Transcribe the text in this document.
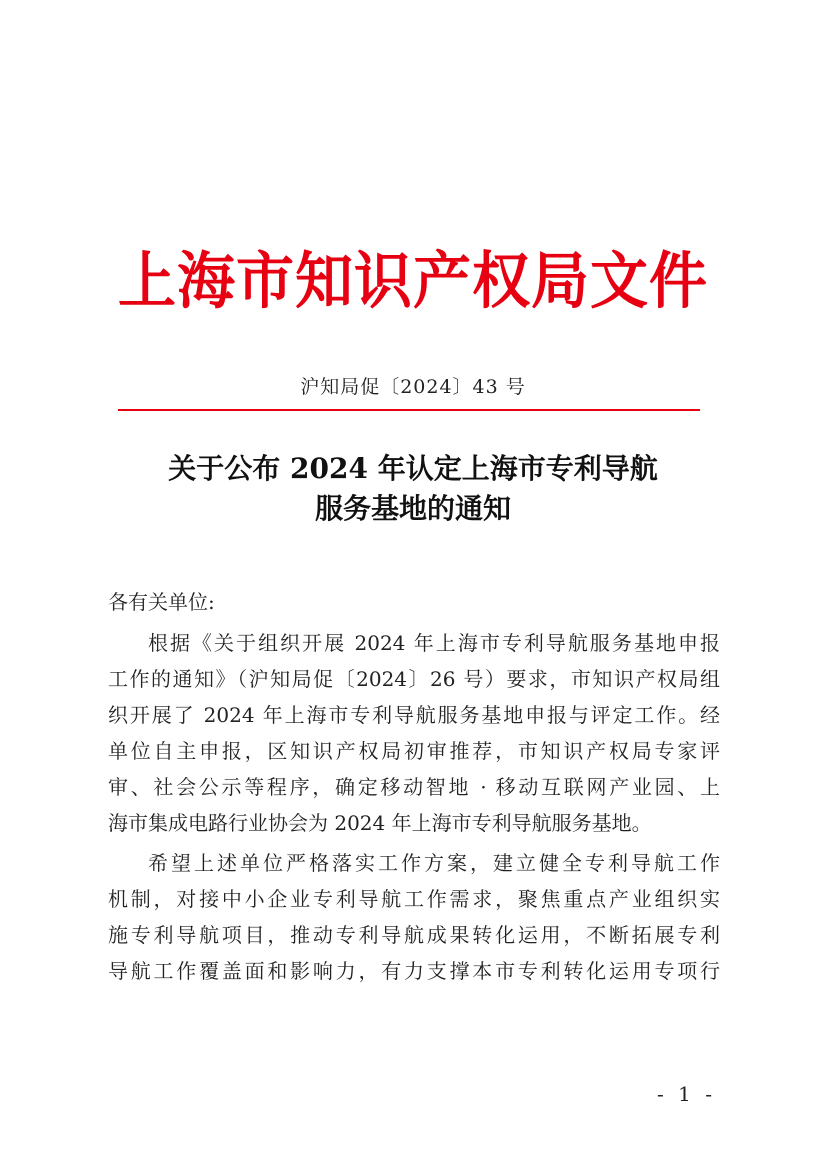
上海市知识产权局文件
沪知局促〔2024〕43 号
关于公布 2024 年认定上海市专利导航
服务基地的通知
各有关单位:
根据《关于组织开展 2024 年上海市专利导航服务基地申报
工作的通知》（沪知局促〔2024〕26 号）要求，市知识产权局组
织开展了 2024 年上海市专利导航服务基地申报与评定工作。经
单位自主申报，区知识产权局初审推荐，市知识产权局专家评
审、社会公示等程序，确定移动智地 · 移动互联网产业园、上
海市集成电路行业协会为 2024 年上海市专利导航服务基地。
希望上述单位严格落实工作方案，建立健全专利导航工作
机制，对接中小企业专利导航工作需求，聚焦重点产业组织实
施专利导航项目，推动专利导航成果转化运用，不断拓展专利
导航工作覆盖面和影响力，有力支撑本市专利转化运用专项行
- 1 -
